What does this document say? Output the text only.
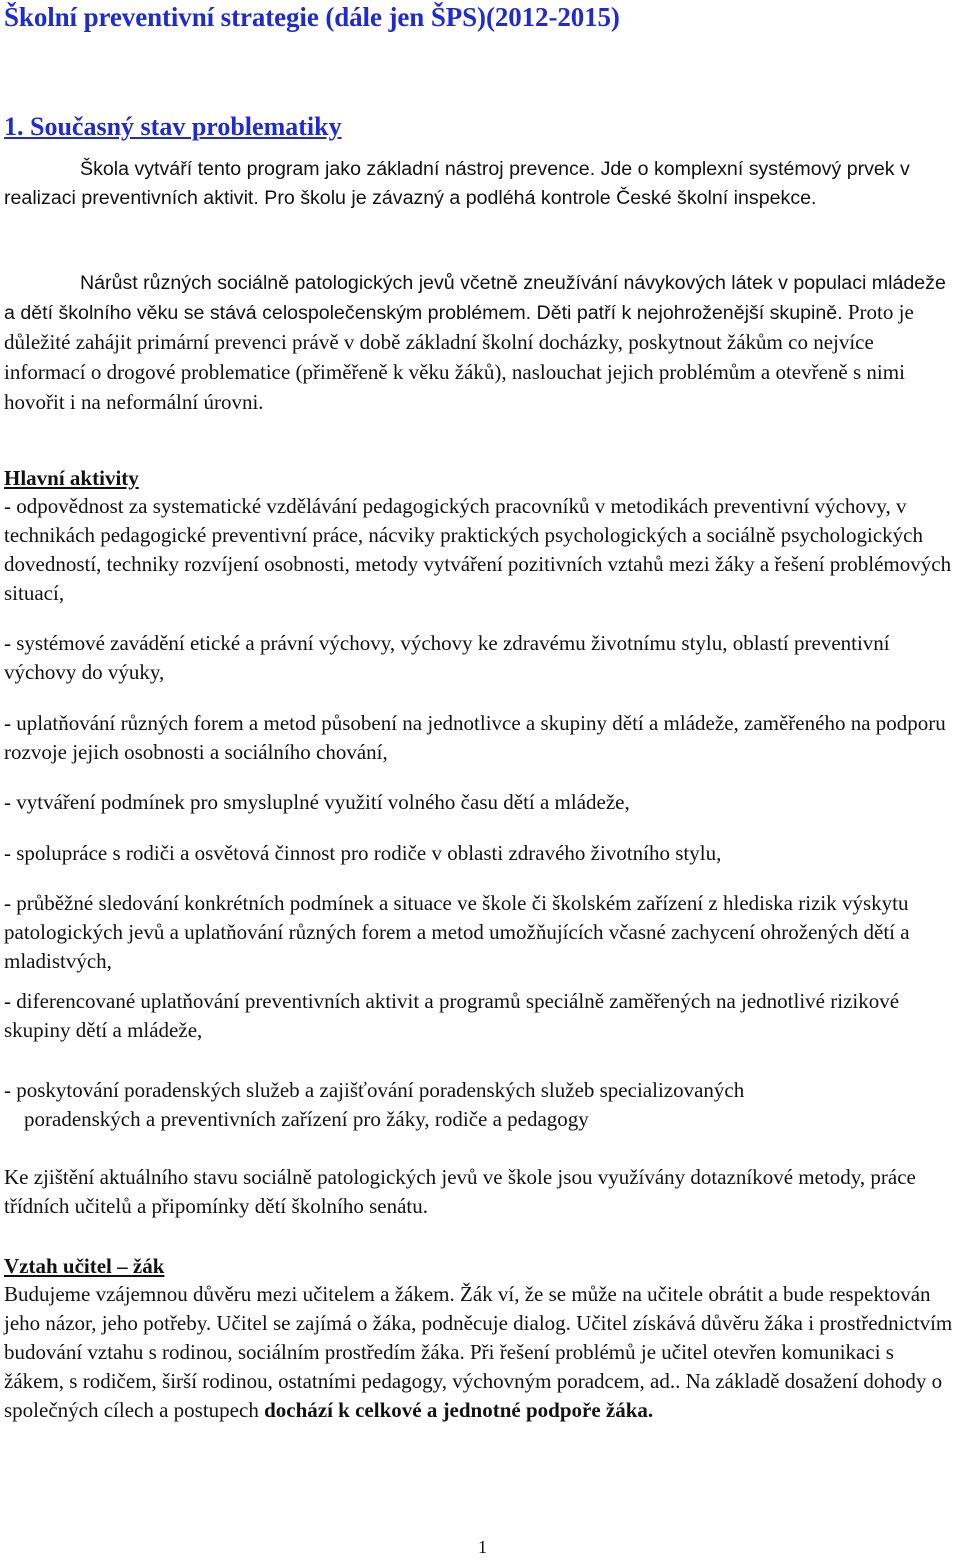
Školní preventivní strategie (dále jen ŠPS)(2012-2015)
1. Současný stav problematiky

Škola vytváří tento program jako základní nástroj prevence. Jde o komplexní systémový prvek v realizaci preventivních aktivit. Pro školu je závazný a podléhá kontrole České školní inspekce.

Nárůst různých sociálně patologických jevů včetně zneužívání návykových látek v populaci mládeže a dětí školního věku se stává celospolečenským problémem. Děti patří k nejohroženější skupině. Proto je důležité zahájit primární prevenci právě v době základní školní docházky, poskytnout žákům co nejvíce informací o drogové problematice (přiměřeně k věku žáků), naslouchat jejich problémům a otevřeně s nimi hovořit i na neformální úrovni.

Hlavní aktivity

- odpovědnost za systematické vzdělávání pedagogických pracovníků v metodikách preventivní výchovy, v technikách pedagogické preventivní práce, nácviky praktických psychologických a sociálně psychologických dovedností, techniky rozvíjení osobnosti, metody vytváření pozitivních vztahů mezi žáky a řešení problémových situací,

- systémové zavádění etické a právní výchovy, výchovy ke zdravému životnímu stylu, oblastí preventivní výchovy do výuky,

- uplatňování různých forem a metod působení na jednotlivce a skupiny dětí a mládeže, zaměřeného na podporu rozvoje jejich osobnosti a sociálního chování,

- vytváření podmínek pro smysluplné využití volného času dětí a mládeže,

- spolupráce s rodiči a osvětová činnost pro rodiče v oblasti zdravého životního stylu,

- průběžné sledování konkrétních podmínek a situace ve škole či školském zařízení z hlediska rizik výskytu patologických jevů a uplatňování různých forem a metod umožňujících včasné zachycení ohrožených dětí a mladistvých,

- diferencované uplatňování preventivních aktivit a programů speciálně zaměřených na jednotlivé rizikové skupiny dětí a mládeže,

- poskytování poradenských služeb a zajišťování poradenských služeb specializovaných

poradenských a preventivních zařízení pro žáky, rodiče a pedagogy

Ke zjištění aktuálního stavu sociálně patologických jevů ve škole jsou využívány dotazníkové metody, práce třídních učitelů a připomínky dětí školního senátu.

Vztah učitel – žák

Budujeme vzájemnou důvěru mezi učitelem a žákem. Žák ví, že se může na učitele obrátit a bude respektován jeho názor, jeho potřeby. Učitel se zajímá o žáka, podněcuje dialog. Učitel získává důvěru žáka i prostřednictvím budování vztahu s rodinou, sociálním prostředím žáka. Při řešení problémů je učitel otevřen komunikaci s žákem, s rodičem, širší rodinou, ostatními pedagogy, výchovným poradcem, ad.. Na základě dosažení dohody o společných cílech a postupech dochází k celkové a jednotné podpoře žáka.

1
